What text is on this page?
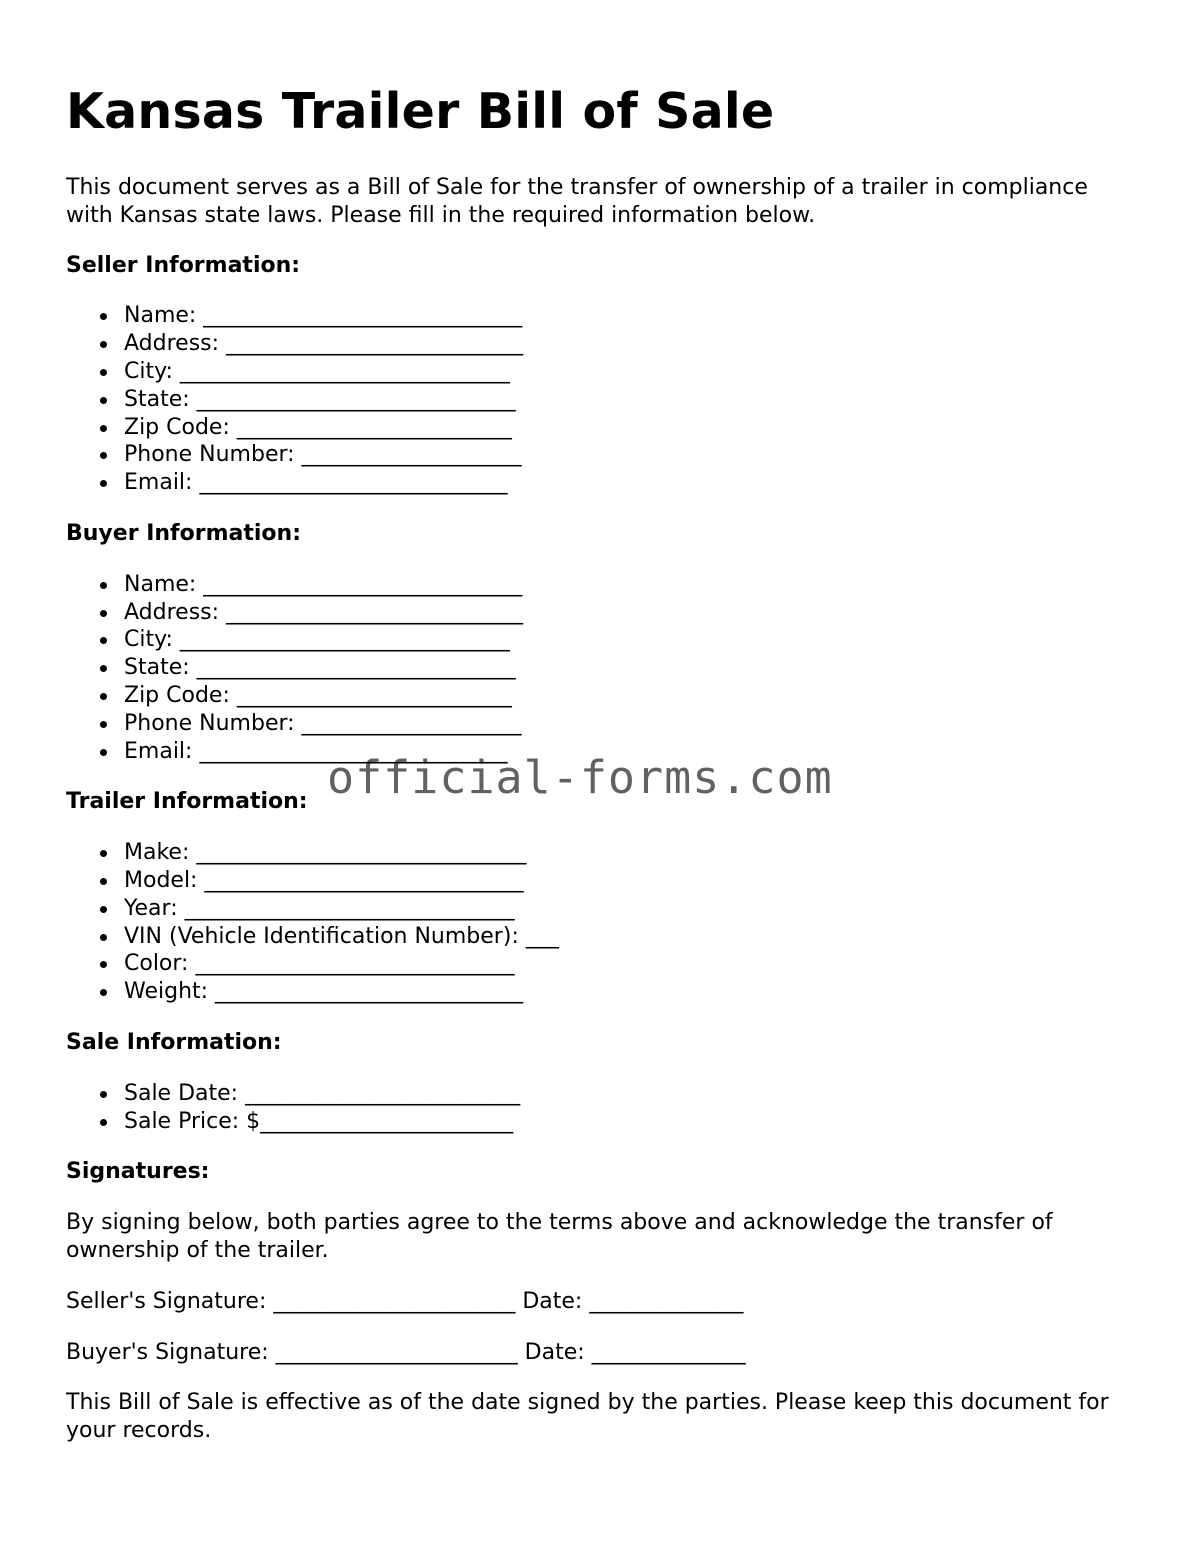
Kansas Trailer Bill of Sale

This document serves as a Bill of Sale for the transfer of ownership of a trailer in compliance with Kansas state laws. Please fill in the required information below.

Seller Information:
Name: _____________________________
Address: ___________________________
City: ______________________________
State: _____________________________
Zip Code: _________________________
Phone Number: ____________________
Email: ____________________________
Buyer Information:
Name: _____________________________
Address: ___________________________
City: ______________________________
State: _____________________________
Zip Code: _________________________
Phone Number: ____________________
Email: ____________________________
Trailer Information:
Make: ______________________________
Model: _____________________________
Year: ______________________________
VIN (Vehicle Identification Number): ___
Color: _____________________________
Weight: ____________________________
Sale Information:
Sale Date: _________________________
Sale Price: $_______________________
Signatures:

By signing below, both parties agree to the terms above and acknowledge the transfer of ownership of the trailer.

Seller's Signature: ______________________ Date: ______________

Buyer's Signature: ______________________ Date: ______________

This Bill of Sale is effective as of the date signed by the parties. Please keep this document for your records.

official-forms.com
